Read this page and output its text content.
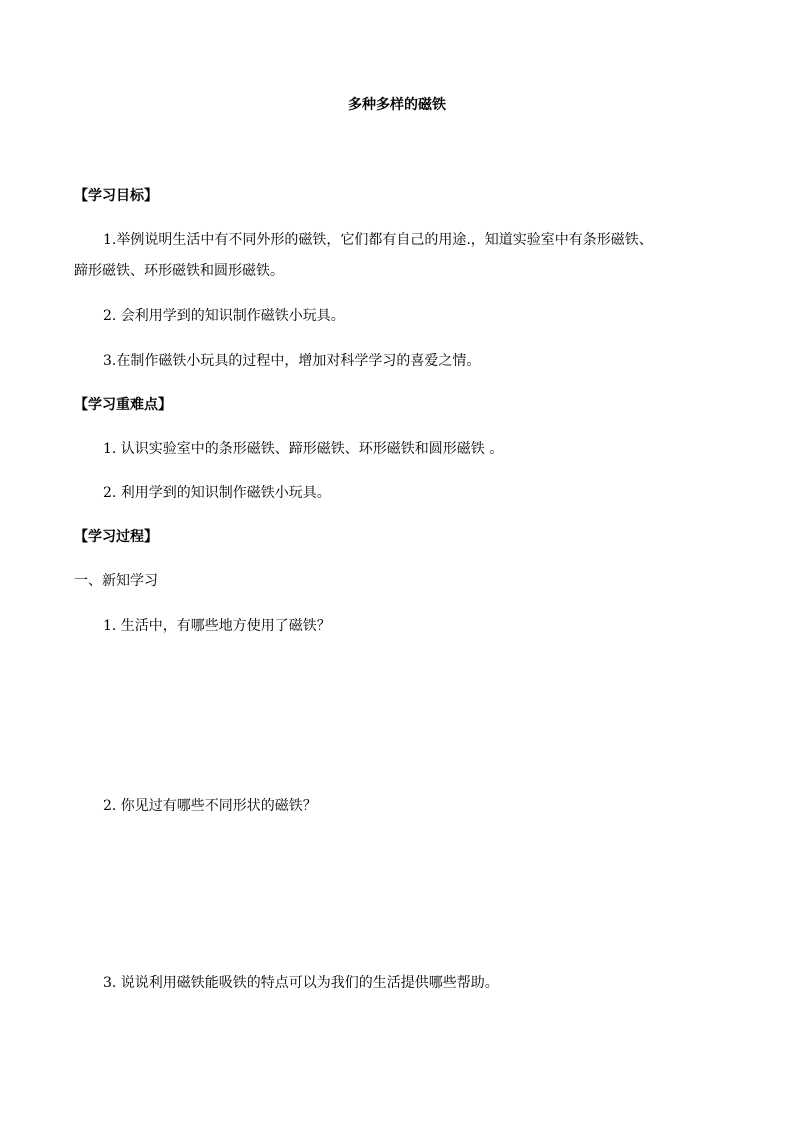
多种多样的磁铁
【学习目标】
1.举例说明生活中有不同外形的磁铁，它们都有自己的用途.，知道实验室中有条形磁铁、
蹄形磁铁、环形磁铁和圆形磁铁。
2. 会利用学到的知识制作磁铁小玩具。
3.在制作磁铁小玩具的过程中，增加对科学学习的喜爱之情。
【学习重难点】
1. 认识实验室中的条形磁铁、蹄形磁铁、环形磁铁和圆形磁铁 。
2. 利用学到的知识制作磁铁小玩具。
【学习过程】
一、新知学习
1. 生活中，有哪些地方使用了磁铁？
2. 你见过有哪些不同形状的磁铁？
3. 说说利用磁铁能吸铁的特点可以为我们的生活提供哪些帮助。
